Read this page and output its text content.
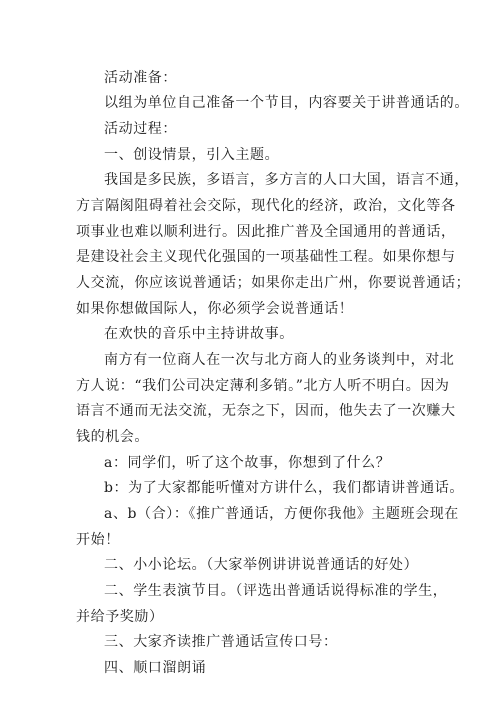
活动准备：
以组为单位自己准备一个节目，内容要关于讲普通话的。
活动过程：
一、创设情景，引入主题。
我国是多民族，多语言，多方言的人口大国，语言不通，
方言隔阂阻碍着社会交际，现代化的经济，政治，文化等各
项事业也难以顺利进行。因此推广普及全国通用的普通话，
是建设社会主义现代化强国的一项基础性工程。如果你想与
人交流，你应该说普通话；如果你走出广州，你要说普通话；
如果你想做国际人，你必须学会说普通话！
在欢快的音乐中主持讲故事。
南方有一位商人在一次与北方商人的业务谈判中，对北
方人说：“我们公司决定薄利多销。”北方人听不明白。因为
语言不通而无法交流，无奈之下，因而，他失去了一次赚大
钱的机会。
a：同学们，听了这个故事，你想到了什么？
b：为了大家都能听懂对方讲什么，我们都请讲普通话。
a、b（合）：《推广普通话，方便你我他》主题班会现在
开始！
二、小小论坛。（大家举例讲讲说普通话的好处）
二、学生表演节目。（评选出普通话说得标准的学生，
并给予奖励）
三、大家齐读推广普通话宣传口号：
四、顺口溜朗诵
